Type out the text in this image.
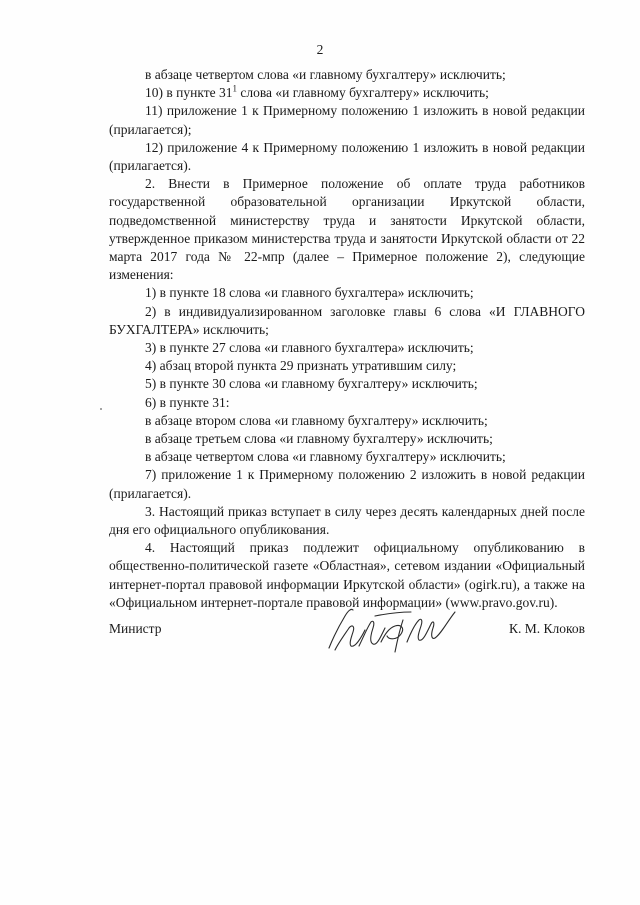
2

в абзаце четвертом слова «и главному бухгалтеру» исключить;

10) в пункте $31^1$ слова «и главному бухгалтеру» исключить;

11) приложение 1 к Примерному положению 1 изложить в новой редакции (прилагается);

12) приложение 4 к Примерному положению 1 изложить в новой редакции (прилагается).

2. Внести в Примерное положение об оплате труда работников государственной образовательной организации Иркутской области, подведомственной министерству труда и занятости Иркутской области, утвержденное приказом министерства труда и занятости Иркутской области от 22 марта 2017 года № 22-мпр (далее – Примерное положение 2), следующие изменения:

1) в пункте 18 слова «и главного бухгалтера» исключить;

2) в индивидуализированном заголовке главы 6 слова «И ГЛАВНОГО БУХГАЛТЕРА» исключить;

3) в пункте 27 слова «и главного бухгалтера» исключить;

4) абзац второй пункта 29 признать утратившим силу;

5) в пункте 30 слова «и главному бухгалтеру» исключить;

6) в пункте 31:

в абзаце втором слова «и главному бухгалтеру» исключить;

в абзаце третьем слова «и главному бухгалтеру» исключить;

в абзаце четвертом слова «и главному бухгалтеру» исключить;

7) приложение 1 к Примерному положению 2 изложить в новой редакции (прилагается).

3. Настоящий приказ вступает в силу через десять календарных дней после дня его официального опубликования.

4. Настоящий приказ подлежит официальному опубликованию в общественно-политической газете «Областная», сетевом издании «Официальный интернет-портал правовой информации Иркутской области» (ogirk.ru), а также на «Официальном интернет-портале правовой информации» (www.pravo.gov.ru).

Министр	К. М. Клоков
